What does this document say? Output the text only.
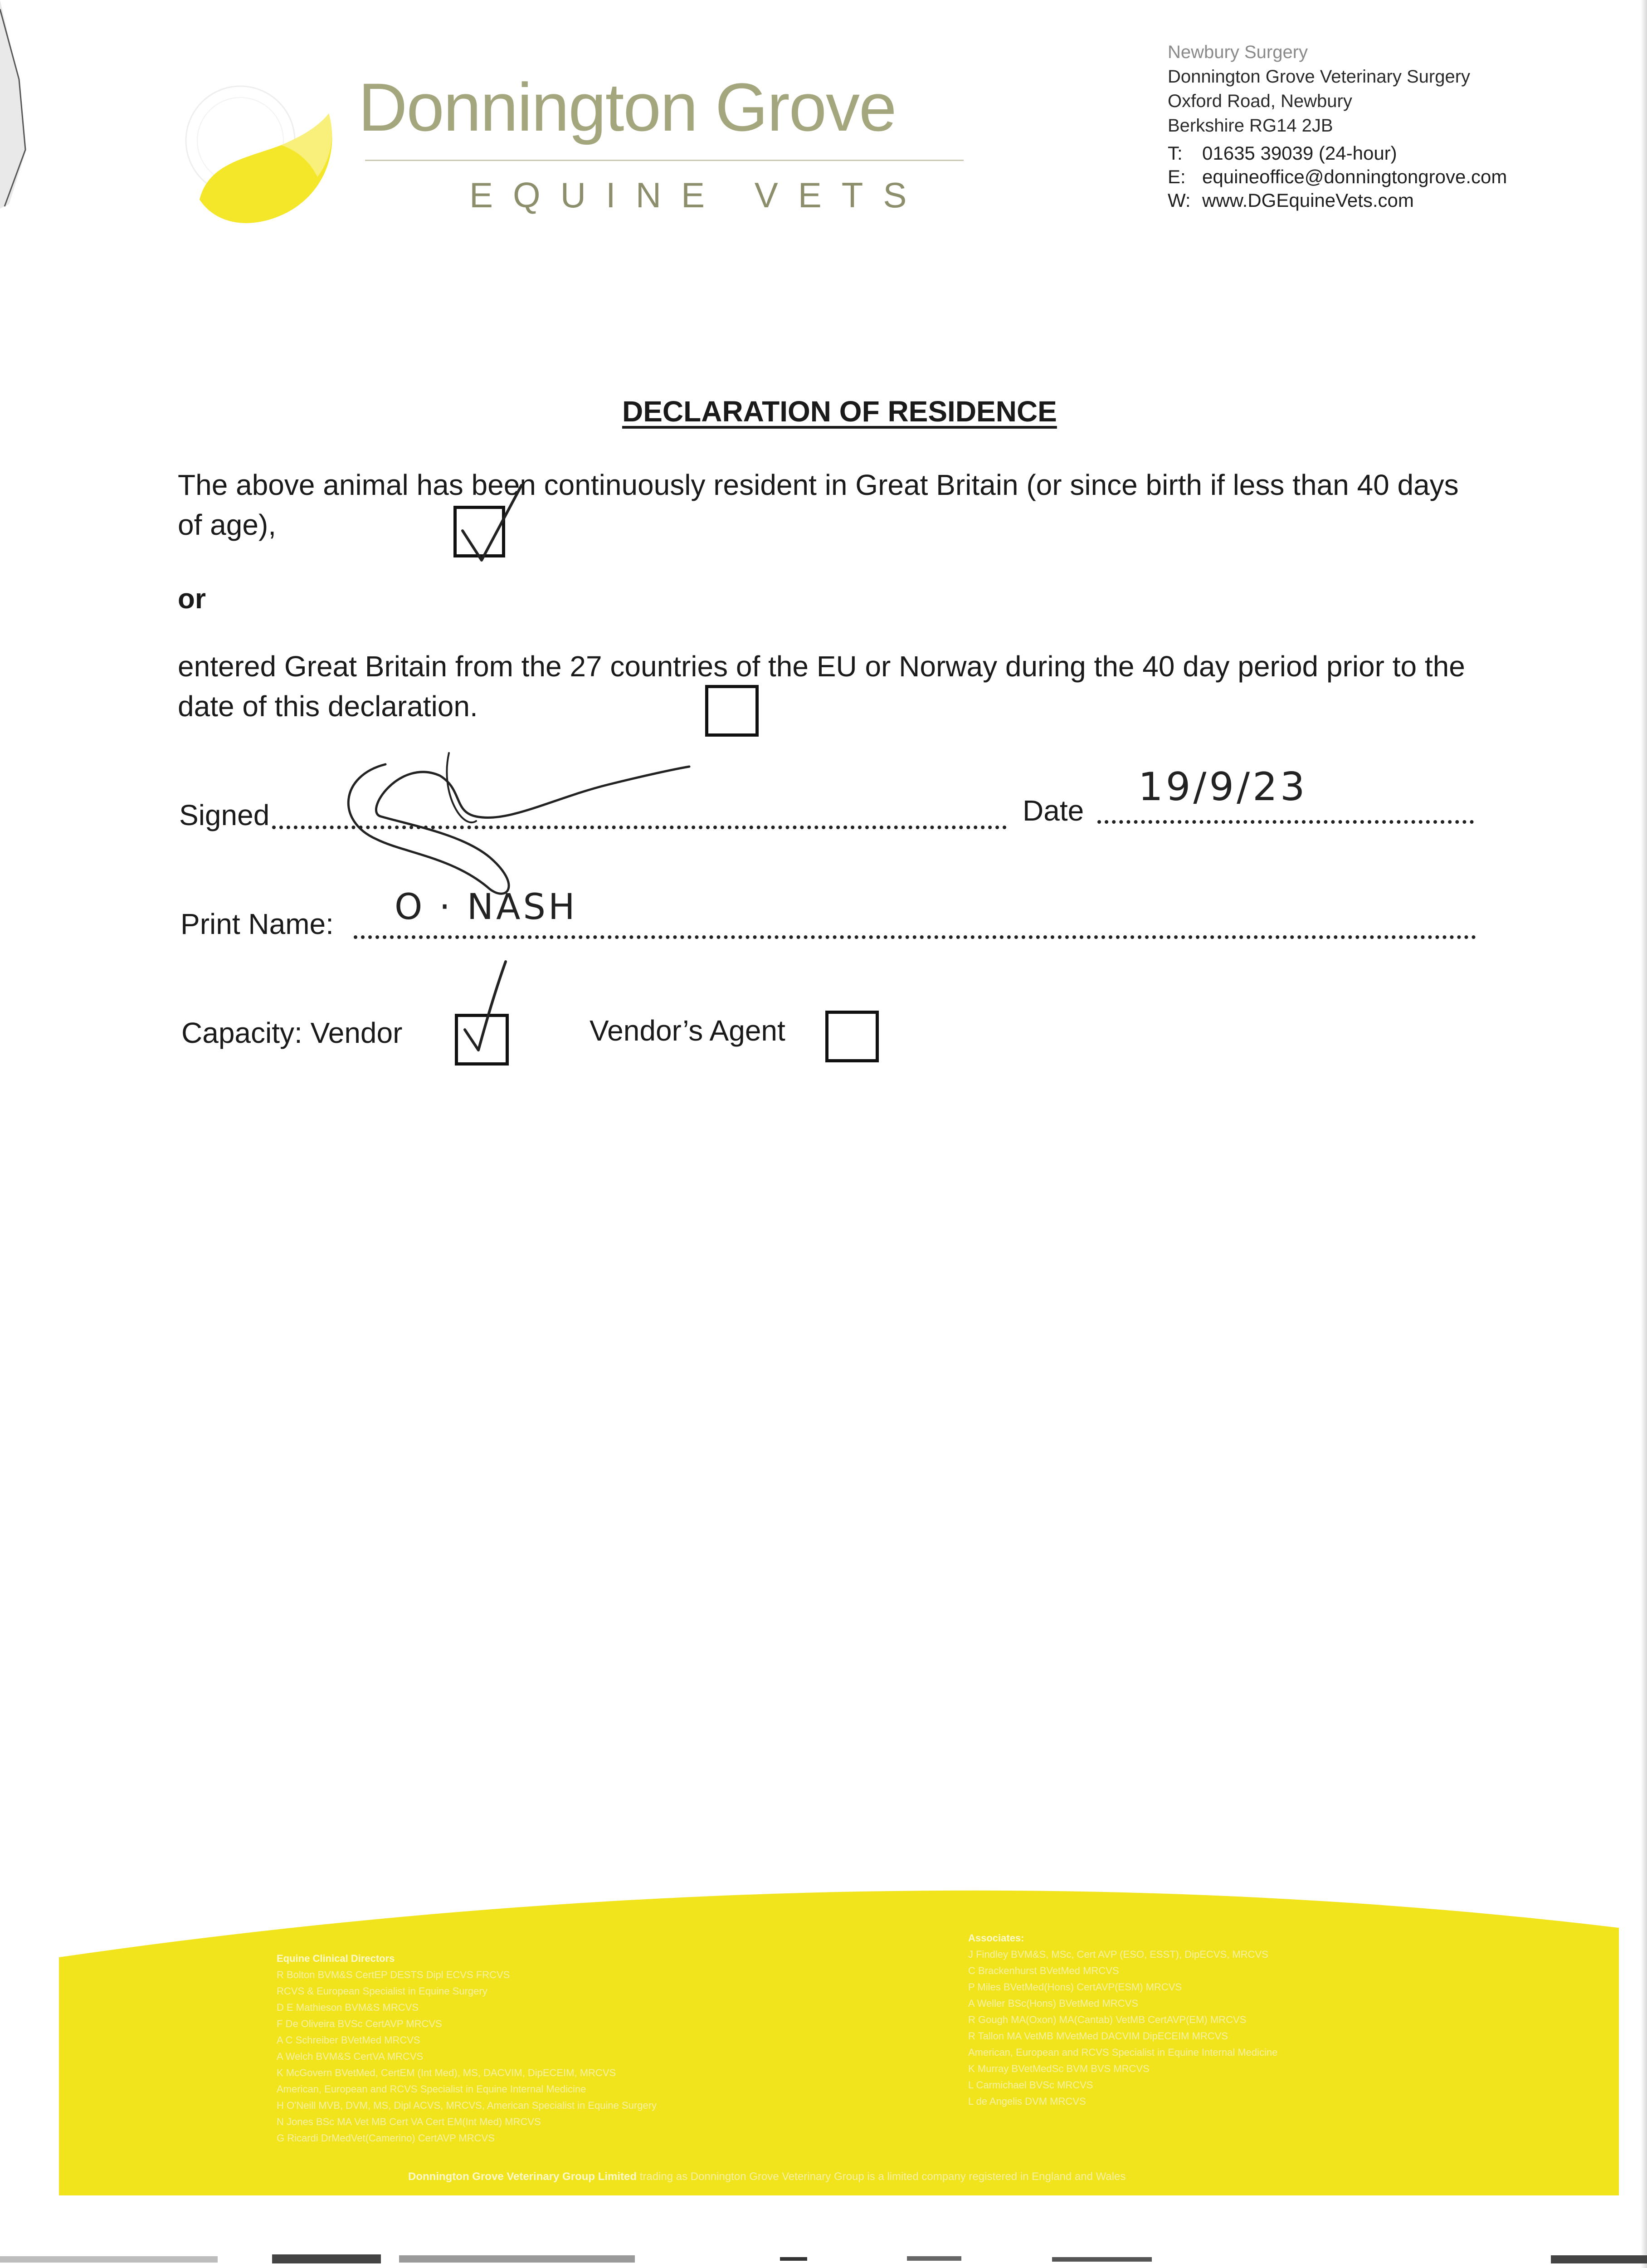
Donnington Grove
EQUINE VETS
Newbury Surgery
Donnington Grove Veterinary Surgery
Oxford Road, Newbury
Berkshire RG14 2JB
T: 01635 39039 (24-hour)
E: equineoffice@donningtongrove.com
W: www.DGEquineVets.com
DECLARATION OF RESIDENCE
The above animal has been continuously resident in Great Britain (or since birth if less than 40 days of age),
or
entered Great Britain from the 27 countries of the EU or Norway during the 40 day period prior to the date of this declaration.
Signed	Date
19/9/23
Print Name: O · NASH
Capacity: Vendor	Vendor’s Agent
Equine Clinical Directors
R Bolton BVM&S CertEP DESTS Dipl ECVS FRCVS
RCVS & European Specialist in Equine Surgery
D E Mathieson BVM&S MRCVS
F De Oliveira BVSc CertAVP MRCVS
A C Schreiber BVetMed MRCVS
A Welch BVM&S CertVA MRCVS
K McGovern BVetMed, CertEM (Int Med), MS, DACVIM, DipECEIM, MRCVS
American, European and RCVS Specialist in Equine Internal Medicine
H O'Neill MVB, DVM, MS, Dipl ACVS, MRCVS, American Specialist in Equine Surgery
N Jones BSc MA Vet MB Cert VA Cert EM(Int Med) MRCVS
G Ricardi DrMedVet(Camerino) CertAVP MRCVS
Associates:
J Findley BVM&S, MSc, Cert AVP (ESO, ESST), DipECVS, MRCVS
C Brackenhurst BVetMed MRCVS
P Miles BVetMed(Hons) CertAVP(ESM) MRCVS
A Weller BSc(Hons) BVetMed MRCVS
R Gough MA(Oxon) MA(Cantab) VetMB CertAVP(EM) MRCVS
R Tallon MA VetMB MVetMed DACVIM DipECEIM MRCVS
American, European and RCVS Specialist in Equine Internal Medicine
K Murray BVetMedSc BVM BVS MRCVS
L Carmichael BVSc MRCVS
L de Angelis DVM MRCVS
Donnington Grove Veterinary Group Limited trading as Donnington Grove Veterinary Group is a limited company registered in England and Wales
